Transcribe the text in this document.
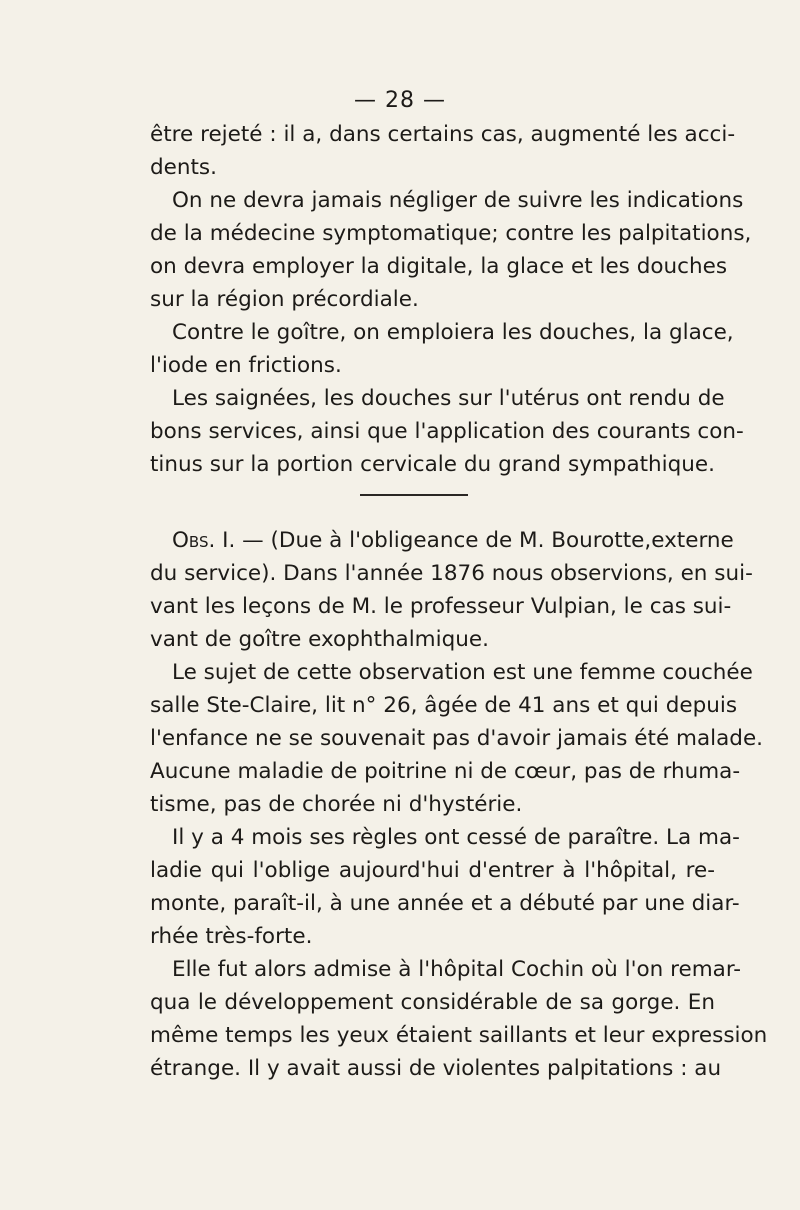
— 28 —
être rejeté : il a, dans certains cas, augmenté les acci-
dents.
On ne devra jamais négliger de suivre les indications
de la médecine symptomatique; contre les palpitations,
on devra employer la digitale, la glace et les douches
sur la région précordiale.
Contre le goître, on emploiera les douches, la glace,
l'iode en frictions.
Les saignées, les douches sur l'utérus ont rendu de
bons services, ainsi que l'application des courants con-
tinus sur la portion cervicale du grand sympathique.
Obs. I. — (Due à l'obligeance de M. Bourotte,externe
du service). Dans l'année 1876 nous observions, en sui-
vant les leçons de M. le professeur Vulpian, le cas sui-
vant de goître exophthalmique.
Le sujet de cette observation est une femme couchée
salle Ste-Claire, lit n° 26, âgée de 41 ans et qui depuis
l'enfance ne se souvenait pas d'avoir jamais été malade.
Aucune maladie de poitrine ni de cœur, pas de rhuma-
tisme, pas de chorée ni d'hystérie.
Il y a 4 mois ses règles ont cessé de paraître. La ma-
ladie qui l'oblige aujourd'hui d'entrer à l'hôpital, re-
monte, paraît-il, à une année et a débuté par une diar-
rhée très-forte.
Elle fut alors admise à l'hôpital Cochin où l'on remar-
qua le développement considérable de sa gorge. En
même temps les yeux étaient saillants et leur expression
étrange. Il y avait aussi de violentes palpitations : au
